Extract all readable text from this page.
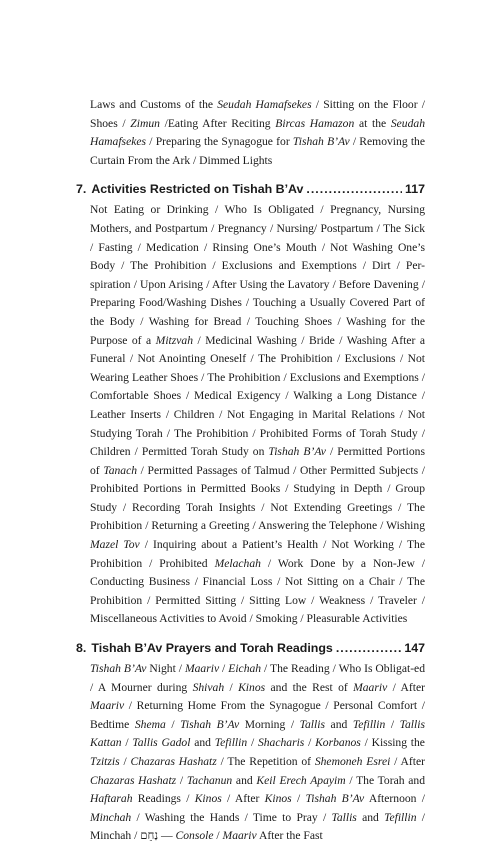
Laws and Customs of the Seudah Hamafsekes / Sitting on the Floor / Shoes / Zimun /Eating After Reciting Bircas Hamazon at the Seudah Hamafsekes / Preparing the Synagogue for Tishah B’Av / Removing the Curtain From the Ark / Dimmed Lights

7. Activities Restricted on Tishah B’Av .....	117

Not Eating or Drinking / Who Is Obligated / Pregnancy, Nursing Mothers, and Postpartum / Pregnancy / Nursing/ Postpartum / The Sick / Fasting / Medication / Rinsing One’s Mouth / Not Washing One’s Body / The Prohibition / Exclusions and Exemptions / Dirt / Per-spiration / Upon Arising / After Using the Lavatory / Before Davening / Preparing Food/Washing Dishes / Touching a Usually Covered Part of the Body / Washing for Bread / Touching Shoes / Washing for the Purpose of a Mitzvah / Medicinal Washing / Bride / Washing After a Funeral / Not Anointing Oneself / The Prohibition / Exclusions / Not Wearing Leather Shoes / The Prohibition / Exclusions and Exemptions / Comfortable Shoes / Medical Exigency / Walking a Long Distance / Leather Inserts / Children / Not Engaging in Marital Relations / Not Studying Torah / The Prohibition / Prohibited Forms of Torah Study / Children / Permitted Torah Study on Tishah B’Av / Permitted Portions of Tanach / Permitted Passages of Talmud / Other Permitted Subjects / Prohibited Portions in Permitted Books / Studying in Depth / Group Study / Recording Torah Insights / Not Extending Greetings / The Prohibition / Returning a Greeting / Answering the Telephone / Wishing Mazel Tov / Inquiring about a Patient’s Health / Not Working / The Prohibition / Prohibited Melachah / Work Done by a Non-Jew / Conducting Business / Financial Loss / Not Sitting on a Chair / The Prohibition / Permitted Sitting / Sitting Low / Weakness / Traveler / Miscellaneous Activities to Avoid / Smoking / Pleasurable Activities

8. Tishah B’Av Prayers and Torah Readings .....	147

Tishah B’Av Night / Maariv / Eichah / The Reading / Who Is Obligat-ed / A Mourner during Shivah / Kinos and the Rest of Maariv / After Maariv / Returning Home From the Synagogue / Personal Comfort / Bedtime Shema / Tishah B’Av Morning / Tallis and Tefillin / Tallis Kattan / Tallis Gadol and Tefillin / Shacharis / Korbanos / Kissing the Tzitzis / Chazaras Hashatz / The Repetition of Shemoneh Esrei / After Chazaras Hashatz / Tachanun and Keil Erech Apayim / The Torah and Haftarah Readings / Kinos / After Kinos / Tishah B’Av Afternoon / Minchah / Washing the Hands / Time to Pray / Tallis and Tefillin / Minchah / נַחֵם — Console / Maariv After the Fast
